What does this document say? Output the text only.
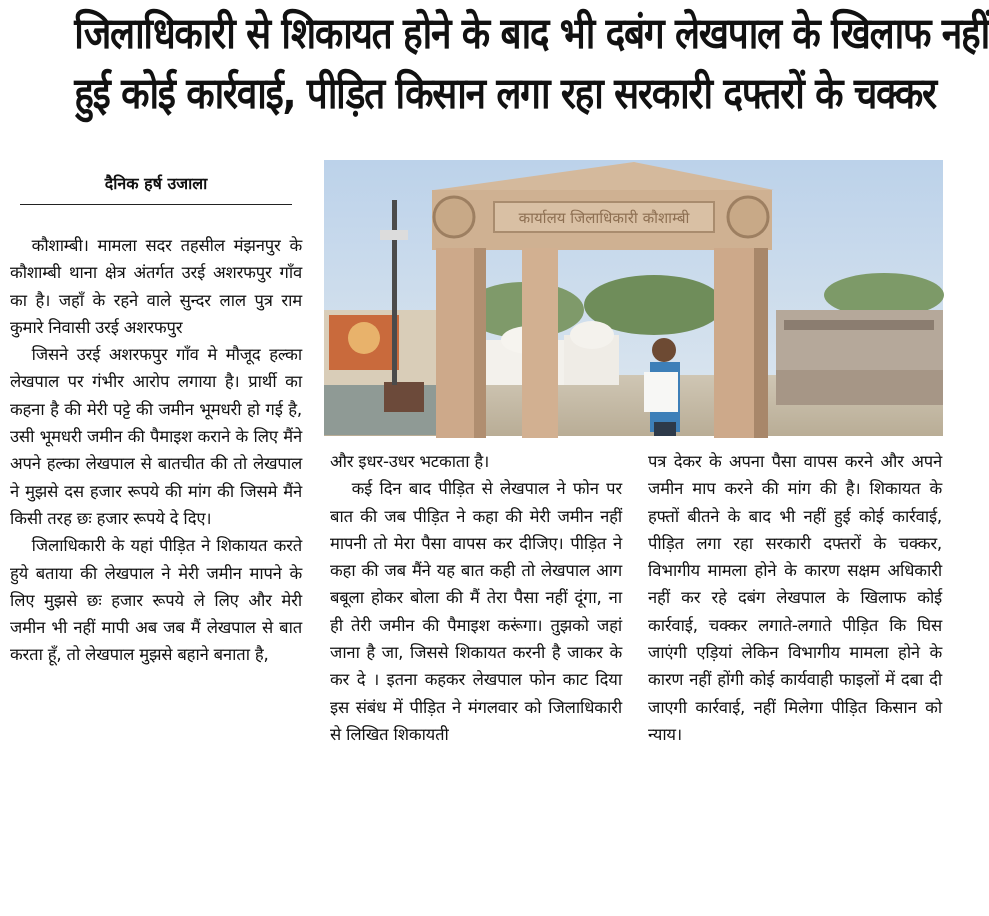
जिलाधिकारी से शिकायत होने के बाद भी दबंग लेखपाल के खिलाफ नहीं
हुई कोई कार्रवाई, पीड़ित किसान लगा रहा सरकारी दफ्तरों के चक्कर
दैनिक हर्ष उजाला

कौशाम्बी। मामला सदर तहसील मंझनपुर के कौशाम्बी थाना क्षेत्र अंतर्गत उरई अशरफपुर गाँव का है। जहाँ के रहने वाले सुन्दर लाल पुत्र राम कुमारे निवासी उरई अशरफपुर

जिसने उरई अशरफपुर गाँव मे मौजूद हल्का लेखपाल पर गंभीर आरोप लगाया है। प्रार्थी का कहना है की मेरी पट्टे की जमीन भूमधरी हो गई है, उसी भूमधरी जमीन की पैमाइश कराने के लिए मैंने अपने हल्का लेखपाल से बातचीत की तो लेखपाल ने मुझसे दस हजार रूपये की मांग की जिसमे मैंने किसी तरह छः हजार रूपये दे दिए।

जिलाधिकारी के यहां पीड़ित ने शिकायत करते हुये बताया की लेखपाल ने मेरी जमीन मापने के लिए मुझसे छः हजार रूपये ले लिए और मेरी जमीन भी नहीं मापी अब जब मैं लेखपाल से बात करता हूँ, तो लेखपाल मुझसे बहाने बनाता है,

कार्यालय जिलाधिकारी कौशाम्बी

और इधर-उधर भटकाता है।

कई दिन बाद पीड़ित से लेखपाल ने फोन पर बात की जब पीड़ित ने कहा की मेरी जमीन नहीं मापनी तो मेरा पैसा वापस कर दीजिए। पीड़ित ने कहा की जब मैंने यह बात कही तो लेखपाल आग बबूला होकर बोला की मैं तेरा पैसा नहीं दूंगा, ना ही तेरी जमीन की पैमाइश करूंगा। तुझको जहां जाना है जा, जिससे शिकायत करनी है जाकर के कर दे । इतना कहकर लेखपाल फोन काट दिया इस संबंध में पीड़ित ने मंगलवार को जिलाधिकारी से लिखित शिकायती

पत्र देकर के अपना पैसा वापस करने और अपने जमीन माप करने की मांग की है। शिकायत के हफ्तों बीतने के बाद भी नहीं हुई कोई कार्रवाई, पीड़ित लगा रहा सरकारी दफ्तरों के चक्कर, विभागीय मामला होने के कारण सक्षम अधिकारी नहीं कर रहे दबंग लेखपाल के खिलाफ कोई कार्रवाई, चक्कर लगाते-लगाते पीड़ित कि घिस जाएंगी एड़ियां लेकिन विभागीय मामला होने के कारण नहीं होंगी कोई कार्यवाही फाइलों में दबा दी जाएगी कार्रवाई, नहीं मिलेगा पीड़ित किसान को न्याय।
